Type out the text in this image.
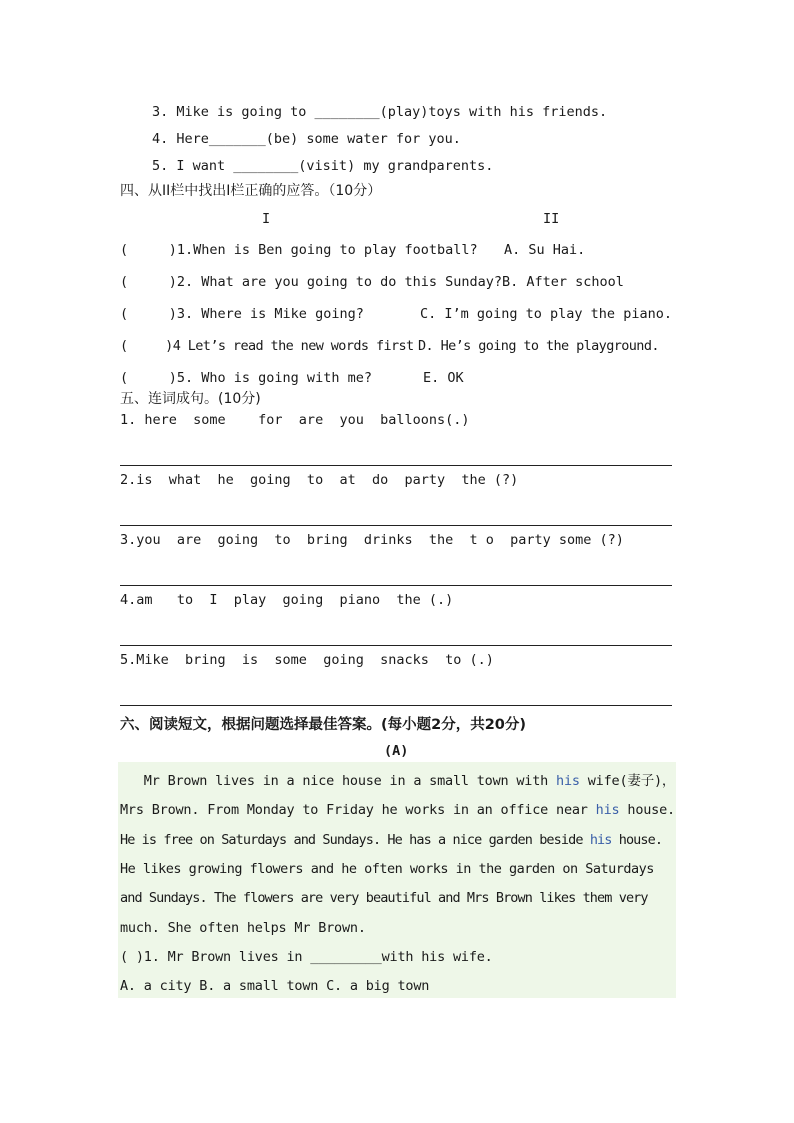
3. Mike is going to ________(play)toys with his friends.
4. Here_______(be) some water for you.
5. I want ________(visit) my grandparents.
四、从II栏中找出I栏正确的应答。（10分）
I	II
(     )1.When is Ben going to play football? A. Su Hai.
(     )2. What are you going to do this Sunday? B. After school
(     )3. Where is Mike going?	C. I’m going to play the piano.
(     )4 Let’s read the new words first D. He’s going to the playground.
(     )5. Who is going with me?	E. OK
五、连词成句。(10分)
1. here  some    for  are  you  balloons(.)
2.is  what  he  going  to  at  do  party  the (?)
3.you  are  going  to  bring  drinks  the  t o  party some (?)
4.am   to  I  play  going  piano  the (.)
5.Mike  bring  is  some  going  snacks  to (.)
六、阅读短文，根据问题选择最佳答案。(每小题2分，共20分)
(A)
Mr Brown lives in a nice house in a small town with his wife(妻子)，
Mrs Brown. From Monday to Friday he works in an office near his house.
He is free on Saturdays and Sundays. He has a nice garden beside his house.
He likes growing flowers and he often works in the garden on Saturdays
and Sundays. The flowers are very beautiful and Mrs Brown likes them very
much. She often helps Mr Brown.
( )1. Mr Brown lives in _________with his wife.
A. a city B. a small town C. a big town
